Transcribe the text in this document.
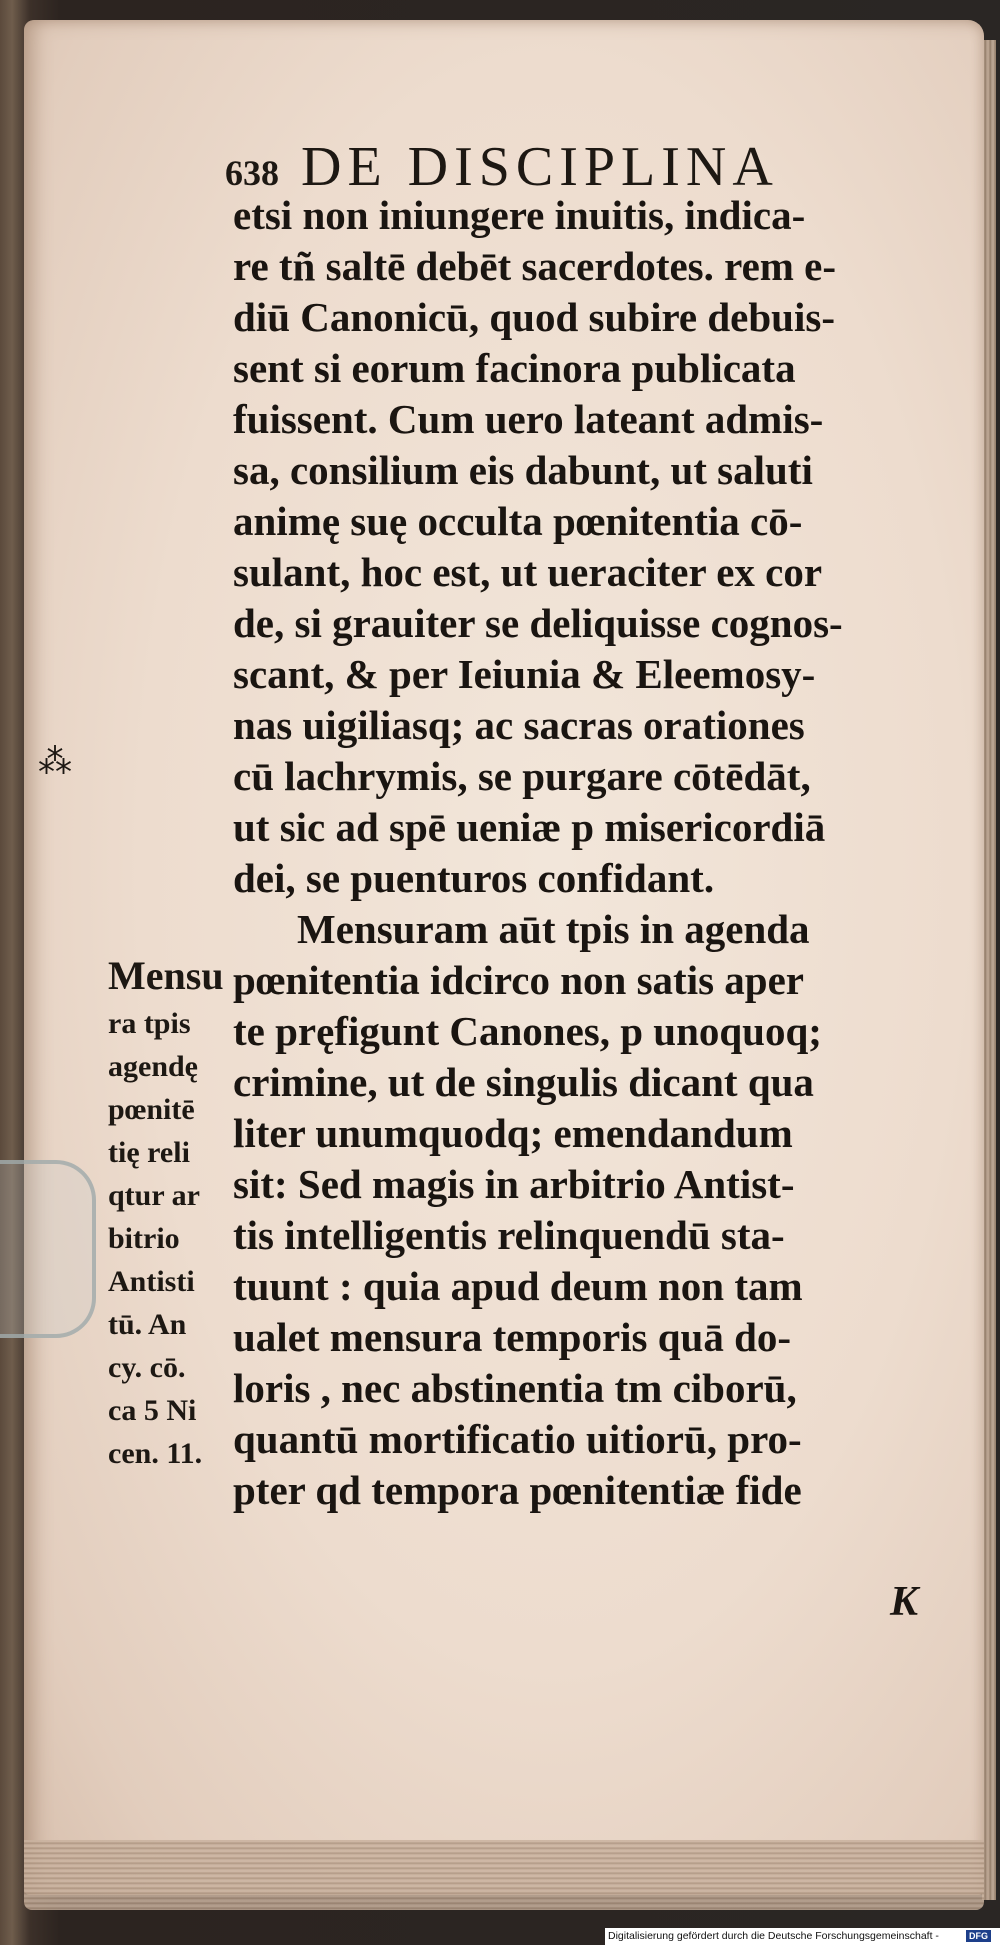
638 DE DISCIPLINA
⁂
etsi non iniungere inuitis, indica-
re tñ saltē debēt sacerdotes. rem e-
diū Canonicū, quod subire debuis-
sent si eorum facinora publicata
fuissent. Cum uero lateant admis-
sa, consilium eis dabunt, ut saluti
animę suę occulta pœnitentia cō-
sulant, hoc est, ut ueraciter ex cor
de, si grauiter se deliquisse cognos-
scant, & per Ieiunia & Eleemosy-
nas uigiliasq; ac sacras orationes
cū lachrymis, se purgare cōtēdāt,
ut sic ad spē ueniæ p misericordiā
dei, se puenturos confidant.
Mensuram aūt tpis in agenda
pœnitentia idcirco non satis aper
te pręfigunt Canones, p unoquoq;
crimine, ut de singulis dicant qua
liter unumquodq; emendandum
sit: Sed magis in arbitrio Antist-
tis intelligentis relinquendū sta-
tuunt : quia apud deum non tam
ualet mensura temporis quā do-
loris , nec abstinentia tm ciborū,
quantū mortificatio uitiorū, pro-
pter qd tempora pœnitentiæ fide
Mensu
ra tpis
agendę
pœnitē
tię reli
qtur ar
bitrio
Antisti
tū. An
cy. cō.
ca 5 Ni
cen. 11.
K
Digitalisierung gefördert durch die Deutsche Forschungsgemeinschaft -	DFG
